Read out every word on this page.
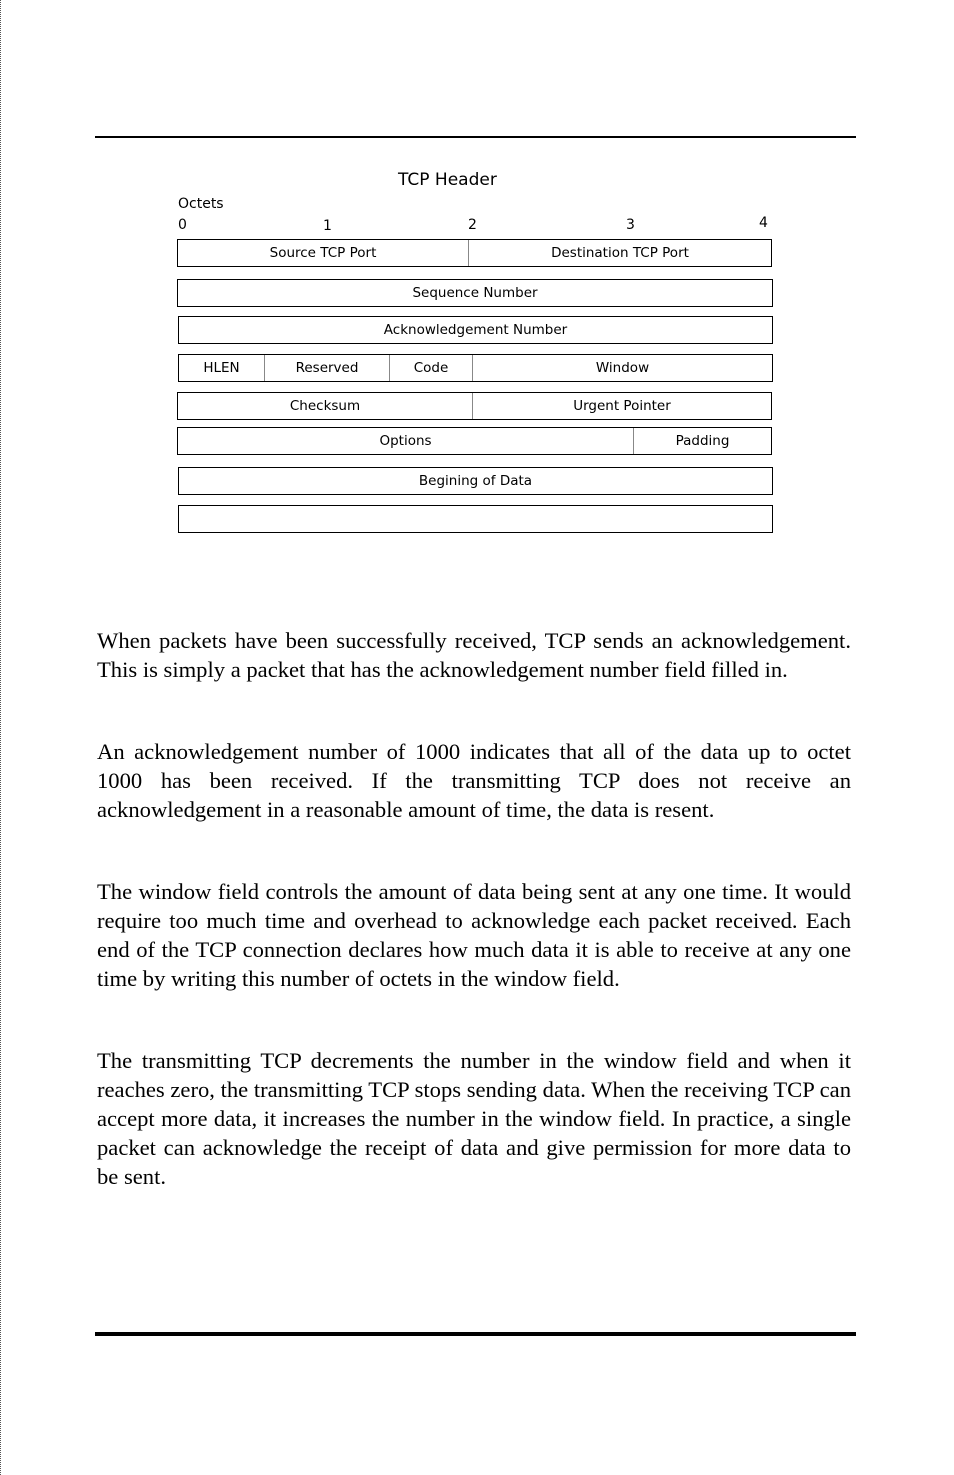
TCP Header
Octets
0	1	2	3	4
Source TCP Port	Destination TCP Port
Sequence Number
Acknowledgement Number
HLEN	Reserved	Code	Window
Checksum	Urgent Pointer
Options	Padding
Begining of Data

When packets have been successfully received, TCP sends an acknowledgement. This is simply a packet that has the acknowledgement number field filled in.

An acknowledgement number of 1000 indicates that all of the data up to octet 1000 has been received. If the transmitting TCP does not receive an acknowledgement in a reasonable amount of time, the data is resent.

The window field controls the amount of data being sent at any one time. It would require too much time and overhead to acknowledge each packet received. Each end of the TCP connection declares how much data it is able to receive at any one time by writing this number of octets in the window field.

The transmitting TCP decrements the number in the window field and when it reaches zero, the transmitting TCP stops sending data. When the receiving TCP can accept more data, it increases the number in the window field. In practice, a single packet can acknowledge the receipt of data and give permission for more data to be sent.
